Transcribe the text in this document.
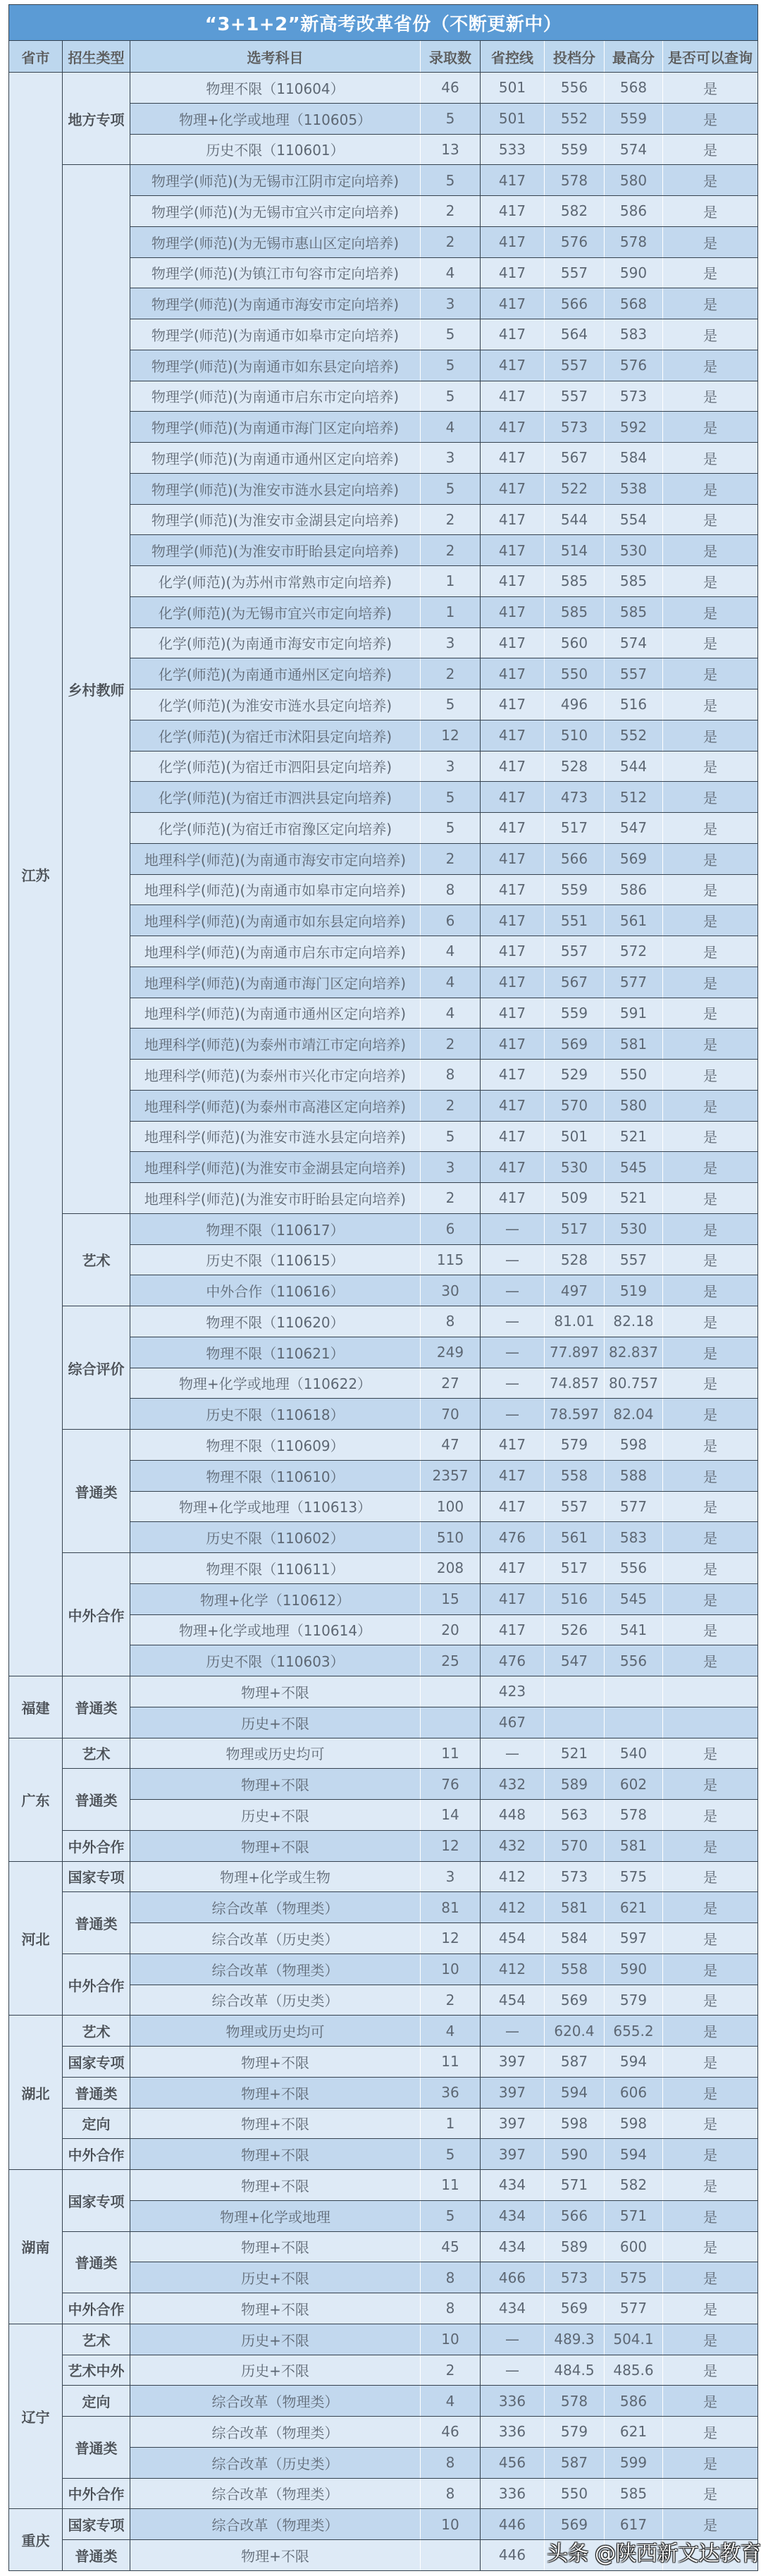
“3+1+2”新高考改革省份（不断更新中）							
省市	招生类型	选考科目	录取数	省控线	投档分	最高分	是否可以查询
江苏	地方专项	物理不限（110604）	46	501	556	568	是
		物理+化学或地理（110605）	5	501	552	559	是
		历史不限（110601）	13	533	559	574	是
	乡村教师	物理学(师范)(为无锡市江阴市定向培养)	5	417	578	580	是
		物理学(师范)(为无锡市宜兴市定向培养)	2	417	582	586	是
		物理学(师范)(为无锡市惠山区定向培养)	2	417	576	578	是
		物理学(师范)(为镇江市句容市定向培养)	4	417	557	590	是
		物理学(师范)(为南通市海安市定向培养)	3	417	566	568	是
		物理学(师范)(为南通市如皋市定向培养)	5	417	564	583	是
		物理学(师范)(为南通市如东县定向培养)	5	417	557	576	是
		物理学(师范)(为南通市启东市定向培养)	5	417	557	573	是
		物理学(师范)(为南通市海门区定向培养)	4	417	573	592	是
		物理学(师范)(为南通市通州区定向培养)	3	417	567	584	是
		物理学(师范)(为淮安市涟水县定向培养)	5	417	522	538	是
		物理学(师范)(为淮安市金湖县定向培养)	2	417	544	554	是
		物理学(师范)(为淮安市盱眙县定向培养)	2	417	514	530	是
		化学(师范)(为苏州市常熟市定向培养)	1	417	585	585	是
		化学(师范)(为无锡市宜兴市定向培养)	1	417	585	585	是
		化学(师范)(为南通市海安市定向培养)	3	417	560	574	是
		化学(师范)(为南通市通州区定向培养)	2	417	550	557	是
		化学(师范)(为淮安市涟水县定向培养)	5	417	496	516	是
		化学(师范)(为宿迁市沭阳县定向培养)	12	417	510	552	是
		化学(师范)(为宿迁市泗阳县定向培养)	3	417	528	544	是
		化学(师范)(为宿迁市泗洪县定向培养)	5	417	473	512	是
		化学(师范)(为宿迁市宿豫区定向培养)	5	417	517	547	是
		地理科学(师范)(为南通市海安市定向培养)	2	417	566	569	是
		地理科学(师范)(为南通市如皋市定向培养)	8	417	559	586	是
		地理科学(师范)(为南通市如东县定向培养)	6	417	551	561	是
		地理科学(师范)(为南通市启东市定向培养)	4	417	557	572	是
		地理科学(师范)(为南通市海门区定向培养)	4	417	567	577	是
		地理科学(师范)(为南通市通州区定向培养)	4	417	559	591	是
		地理科学(师范)(为泰州市靖江市定向培养)	2	417	569	581	是
		地理科学(师范)(为泰州市兴化市定向培养)	8	417	529	550	是
		地理科学(师范)(为泰州市高港区定向培养)	2	417	570	580	是
		地理科学(师范)(为淮安市涟水县定向培养)	5	417	501	521	是
		地理科学(师范)(为淮安市金湖县定向培养)	3	417	530	545	是
		地理科学(师范)(为淮安市盱眙县定向培养)	2	417	509	521	是
	艺术	物理不限（110617）	6	—	517	530	是
		历史不限（110615）	115	—	528	557	是
		中外合作（110616）	30	—	497	519	是
	综合评价	物理不限（110620）	8	—	81.01	82.18	是
		物理不限（110621）	249	—	77.897	82.837	是
		物理+化学或地理（110622）	27	—	74.857	80.757	是
		历史不限（110618）	70	—	78.597	82.04	是
	普通类	物理不限（110609）	47	417	579	598	是
		物理不限（110610）	2357	417	558	588	是
		物理+化学或地理（110613）	100	417	557	577	是
		历史不限（110602）	510	476	561	583	是
	中外合作	物理不限（110611）	208	417	517	556	是
		物理+化学（110612）	15	417	516	545	是
		物理+化学或地理（110614）	20	417	526	541	是
		历史不限（110603）	25	476	547	556	是
福建	普通类	物理+不限		423			
		历史+不限		467			
广东	艺术	物理或历史均可	11	—	521	540	是
	普通类	物理+不限	76	432	589	602	是
		历史+不限	14	448	563	578	是
	中外合作	物理+不限	12	432	570	581	是
河北	国家专项	物理+化学或生物	3	412	573	575	是
	普通类	综合改革（物理类）	81	412	581	621	是
		综合改革（历史类）	12	454	584	597	是
	中外合作	综合改革（物理类）	10	412	558	590	是
		综合改革（历史类）	2	454	569	579	是
湖北	艺术	物理或历史均可	4	—	620.4	655.2	是
	国家专项	物理+不限	11	397	587	594	是
	普通类	物理+不限	36	397	594	606	是
	定向	物理+不限	1	397	598	598	是
	中外合作	物理+不限	5	397	590	594	是
湖南	国家专项	物理+不限	11	434	571	582	是
		物理+化学或地理	5	434	566	571	是
	普通类	物理+不限	45	434	589	600	是
		历史+不限	8	466	573	575	是
	中外合作	物理+不限	8	434	569	577	是
辽宁	艺术	历史+不限	10	—	489.3	504.1	是
	艺术中外	历史+不限	2	—	484.5	485.6	是
	定向	综合改革（物理类）	4	336	578	586	是
	普通类	综合改革（物理类）	46	336	579	621	是
		综合改革（历史类）	8	456	587	599	是
	中外合作	综合改革（物理类）	8	336	550	585	是
重庆	国家专项	综合改革（物理类）	10	446	569	617	是
	普通类	物理+不限		446			头条 @陕西新文达教育
